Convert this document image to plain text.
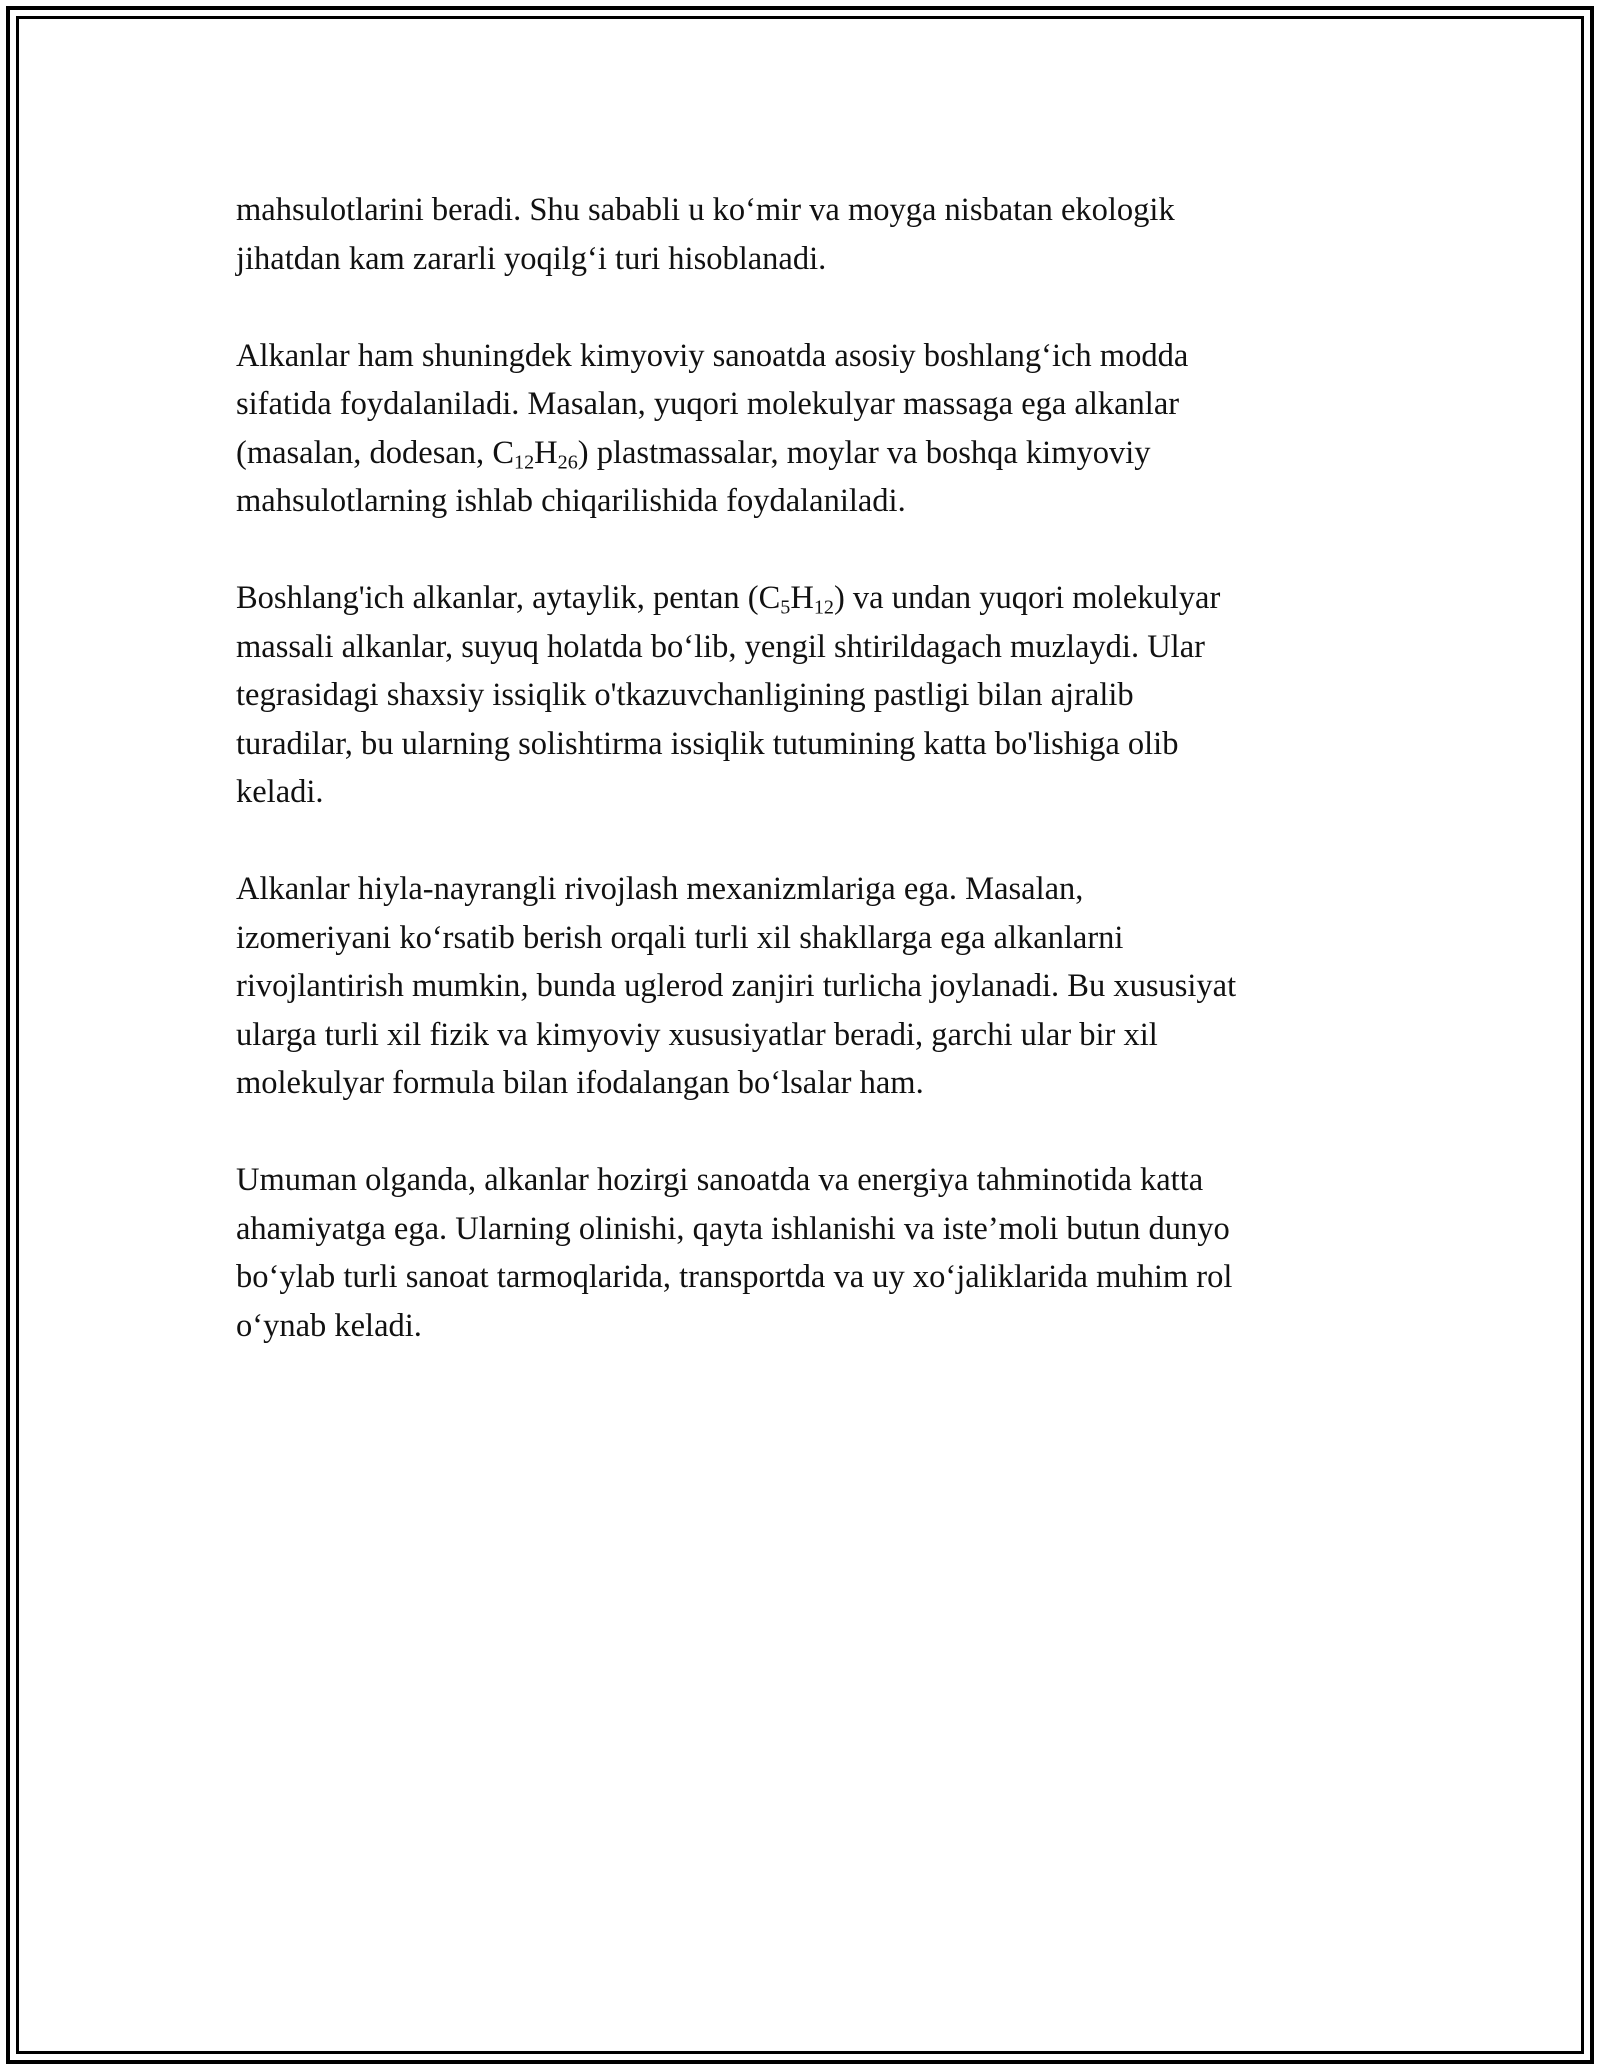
mahsulotlarini beradi. Shu sababli u ko‘mir va moyga nisbatan ekologik
jihatdan kam zararli yoqilg‘i turi hisoblanadi.

Alkanlar ham shuningdek kimyoviy sanoatda asosiy boshlang‘ich modda
sifatida foydalaniladi. Masalan, yuqori molekulyar massaga ega alkanlar
(masalan, dodesan, $C_{12}H_{26}$) plastmassalar, moylar va boshqa kimyoviy
mahsulotlarning ishlab chiqarilishida foydalaniladi.

Boshlang'ich alkanlar, aytaylik, pentan $(C_5H_{12})$ va undan yuqori molekulyar
massali alkanlar, suyuq holatda bo‘lib, yengil shtirildagach muzlaydi. Ular
tegrasidagi shaxsiy issiqlik o'tkazuvchanligining pastligi bilan ajralib
turadilar, bu ularning solishtirma issiqlik tutumining katta bo'lishiga olib
keladi.

Alkanlar hiyla-nayrangli rivojlash mexanizmlariga ega. Masalan,
izomeriyani ko‘rsatib berish orqali turli xil shakllarga ega alkanlarni
rivojlantirish mumkin, bunda uglerod zanjiri turlicha joylanadi. Bu xususiyat
ularga turli xil fizik va kimyoviy xususiyatlar beradi, garchi ular bir xil
molekulyar formula bilan ifodalangan bo‘lsalar ham.

Umuman olganda, alkanlar hozirgi sanoatda va energiya tahminotida katta
ahamiyatga ega. Ularning olinishi, qayta ishlanishi va iste’moli butun dunyo
bo‘ylab turli sanoat tarmoqlarida, transportda va uy xo‘jaliklarida muhim rol
o‘ynab keladi.
